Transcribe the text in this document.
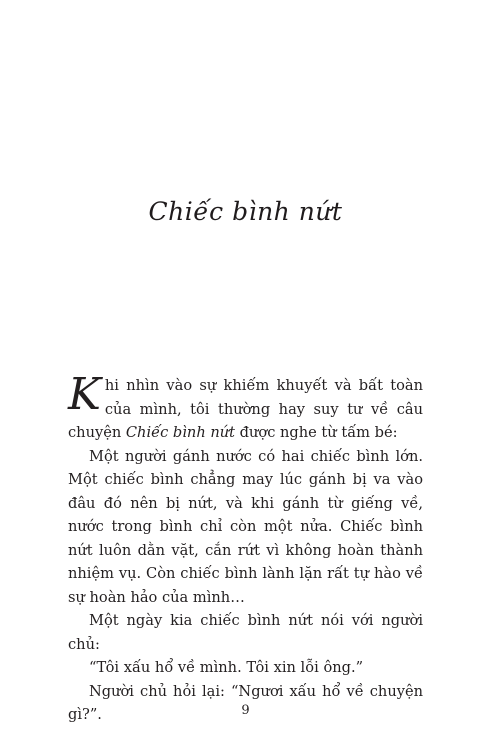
Chiếc bình nứt

Khi nhìn vào sự khiếm khuyết và bất toàn của mình, tôi thường hay suy tư về câu chuyện Chiếc bình nứt được nghe từ tấm bé:

Một người gánh nước có hai chiếc bình lớn. Một chiếc bình chẳng may lúc gánh bị va vào đâu đó nên bị nứt, và khi gánh từ giếng về, nước trong bình chỉ còn một nửa. Chiếc bình nứt luôn dằn vặt, cắn rứt vì không hoàn thành nhiệm vụ. Còn chiếc bình lành lặn rất tự hào về sự hoàn hảo của mình…

Một ngày kia chiếc bình nứt nói với người chủ:

“Tôi xấu hổ về mình. Tôi xin lỗi ông.”

Người chủ hỏi lại: “Ngươi xấu hổ về chuyện gì?”.	9
